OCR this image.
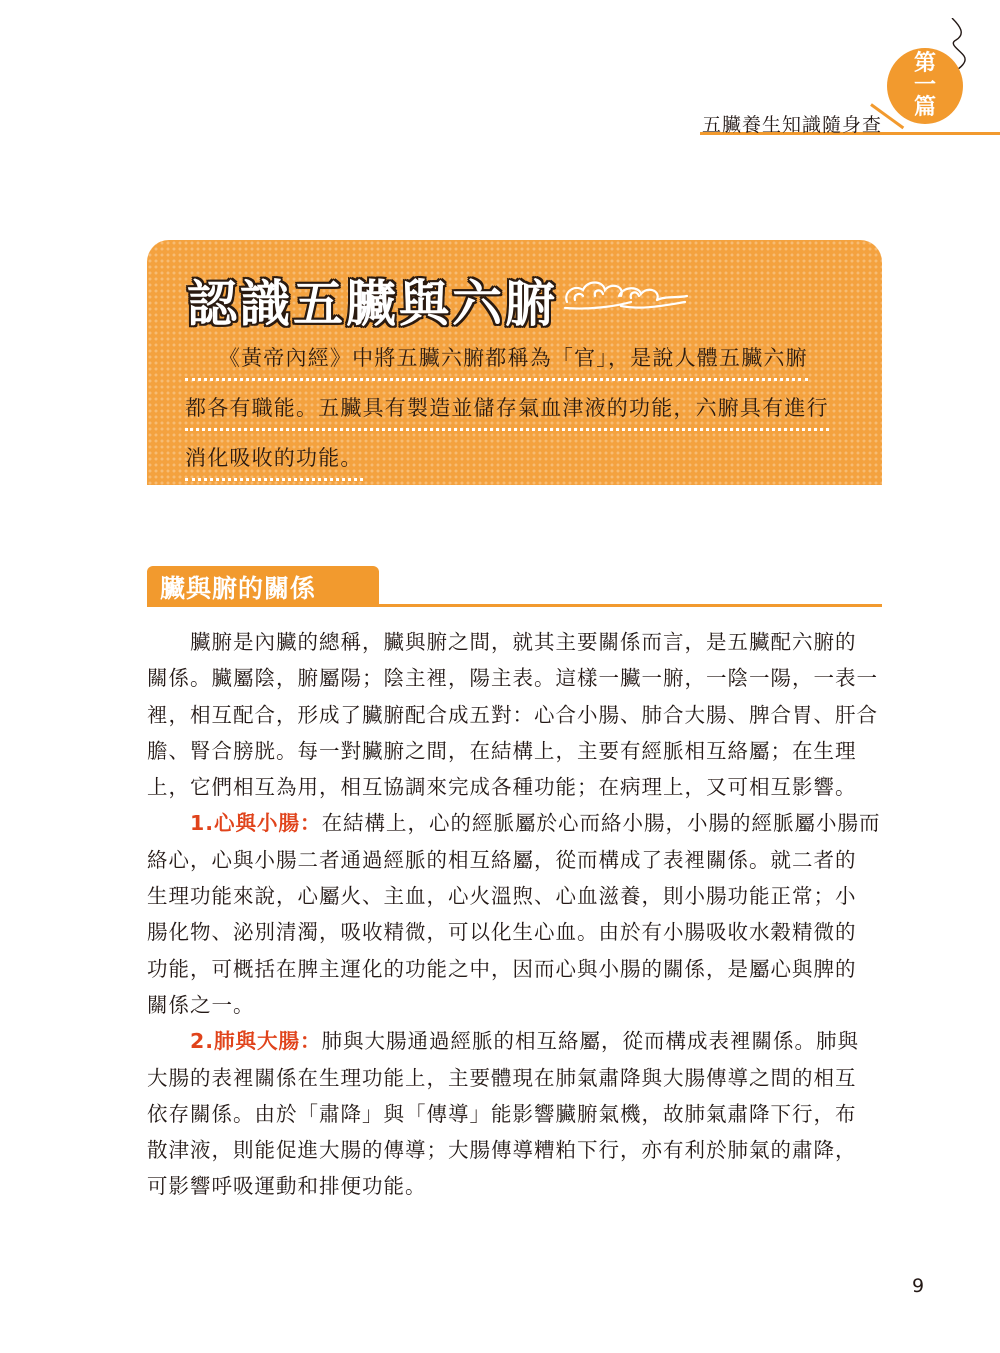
五臟養生知識隨身查
第
一
篇
認識五臟與六腑
　　《黃帝內經》中將五臟六腑都稱為「官」，是說人體五臟六腑
都各有職能。五臟具有製造並儲存氣血津液的功能，六腑具有進行
消化吸收的功能。
臟與腑的關係
　　臟腑是內臟的總稱，臟與腑之間，就其主要關係而言，是五臟配六腑的
關係。臟屬陰，腑屬陽；陰主裡，陽主表。這樣一臟一腑，一陰一陽，一表一
裡，相互配合，形成了臟腑配合成五對：心合小腸、肺合大腸、脾合胃、肝合
膽、腎合膀胱。每一對臟腑之間，在結構上，主要有經脈相互絡屬；在生理
上，它們相互為用，相互協調來完成各種功能；在病理上，又可相互影響。
　　1.心與小腸：在結構上，心的經脈屬於心而絡小腸，小腸的經脈屬小腸而
絡心，心與小腸二者通過經脈的相互絡屬，從而構成了表裡關係。就二者的
生理功能來說，心屬火、主血，心火溫煦、心血滋養，則小腸功能正常；小
腸化物、泌別清濁，吸收精微，可以化生心血。由於有小腸吸收水穀精微的
功能，可概括在脾主運化的功能之中，因而心與小腸的關係，是屬心與脾的
關係之一。
　　2.肺與大腸：肺與大腸通過經脈的相互絡屬，從而構成表裡關係。肺與
大腸的表裡關係在生理功能上，主要體現在肺氣肅降與大腸傳導之間的相互
依存關係。由於「肅降」與「傳導」能影響臟腑氣機，故肺氣肅降下行，布
散津液，則能促進大腸的傳導；大腸傳導糟粕下行，亦有利於肺氣的肅降，
可影響呼吸運動和排便功能。
9
